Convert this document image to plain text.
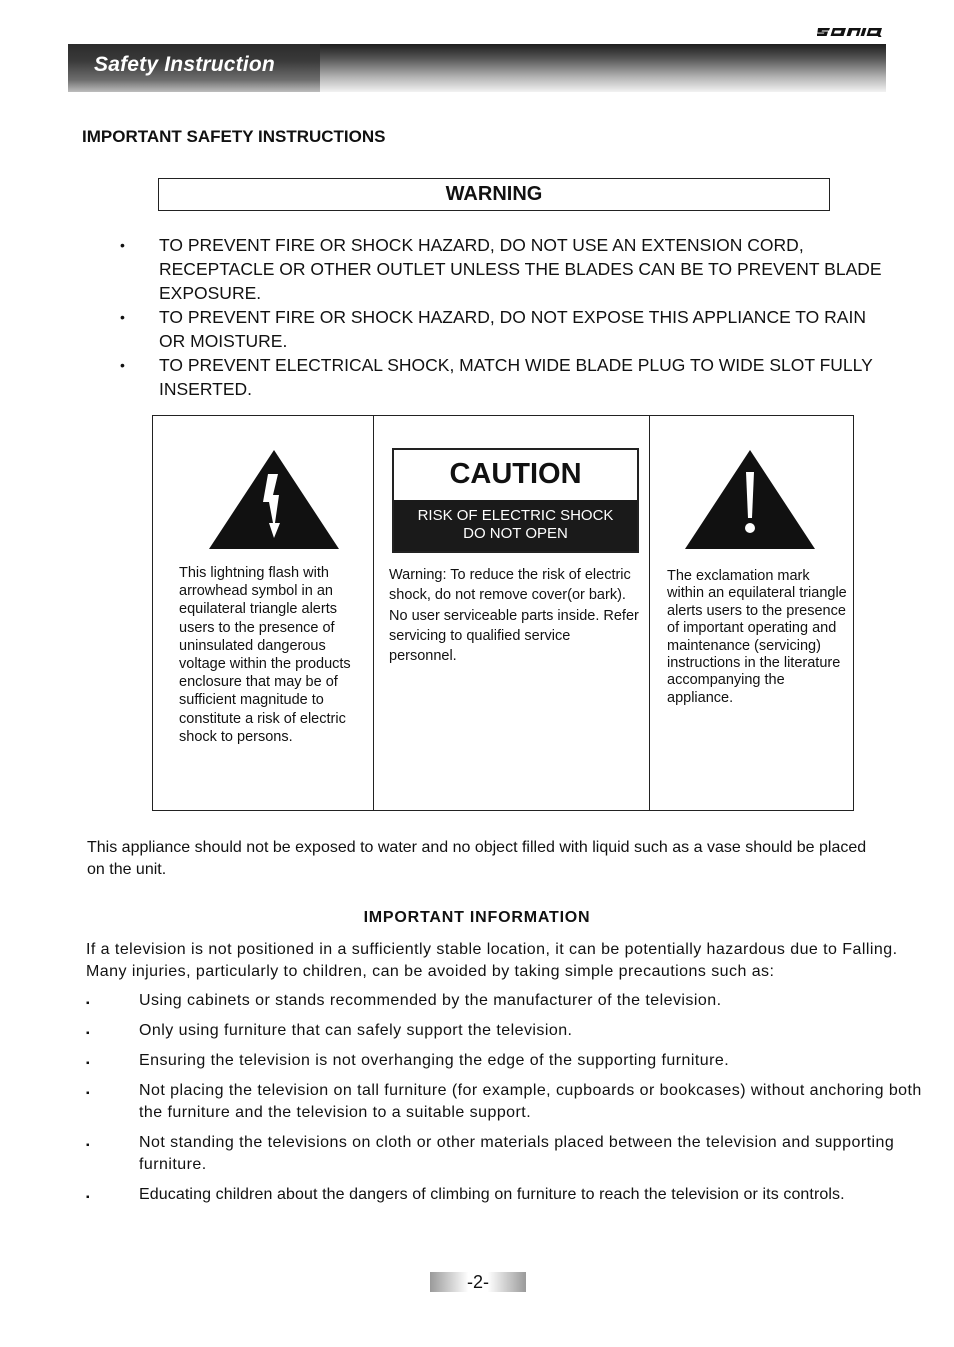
Safety Instruction
IMPORTANT SAFETY INSTRUCTIONS
WARNING
• TO PREVENT FIRE OR SHOCK HAZARD, DO NOT USE AN EXTENSION CORD, RECEPTACLE OR OTHER OUTLET UNLESS THE BLADES CAN BE TO PREVENT BLADE EXPOSURE.
• TO PREVENT FIRE OR SHOCK HAZARD, DO NOT EXPOSE THIS APPLIANCE TO RAIN OR MOISTURE.
• TO PREVENT ELECTRICAL SHOCK, MATCH WIDE BLADE PLUG TO WIDE SLOT FULLY INSERTED.
This lightning flash with arrowhead symbol in an equilateral triangle alerts users to the presence of uninsulated dangerous voltage within the products enclosure that may be of sufficient magnitude to constitute a risk of electric shock to persons.
CAUTION
RISK OF ELECTRIC SHOCK
DO NOT OPEN
Warning: To reduce the risk of electric shock, do not remove cover(or bark). No user serviceable parts inside. Refer servicing to qualified service personnel.
The exclamation mark within an equilateral triangle alerts users to the presence of important operating and maintenance (servicing) instructions in the literature accompanying the appliance.
This appliance should not be exposed to water and no object filled with liquid such as a vase should be placed on the unit.
IMPORTANT INFORMATION
If a television is not positioned in a sufficiently stable location, it can be potentially hazardous due to Falling. Many injuries, particularly to children, can be avoided by taking simple precautions such as:
▪	Using cabinets or stands recommended by the manufacturer of the television.
▪	Only using furniture that can safely support the television.
▪	Ensuring the television is not overhanging the edge of the supporting furniture.
▪	Not placing the television on tall furniture (for example, cupboards or bookcases) without anchoring both the furniture and the television to a suitable support.
▪	Not standing the televisions on cloth or other materials placed between the television and supporting furniture.
▪	Educating children about the dangers of climbing on furniture to reach the television or its controls.
-2-
